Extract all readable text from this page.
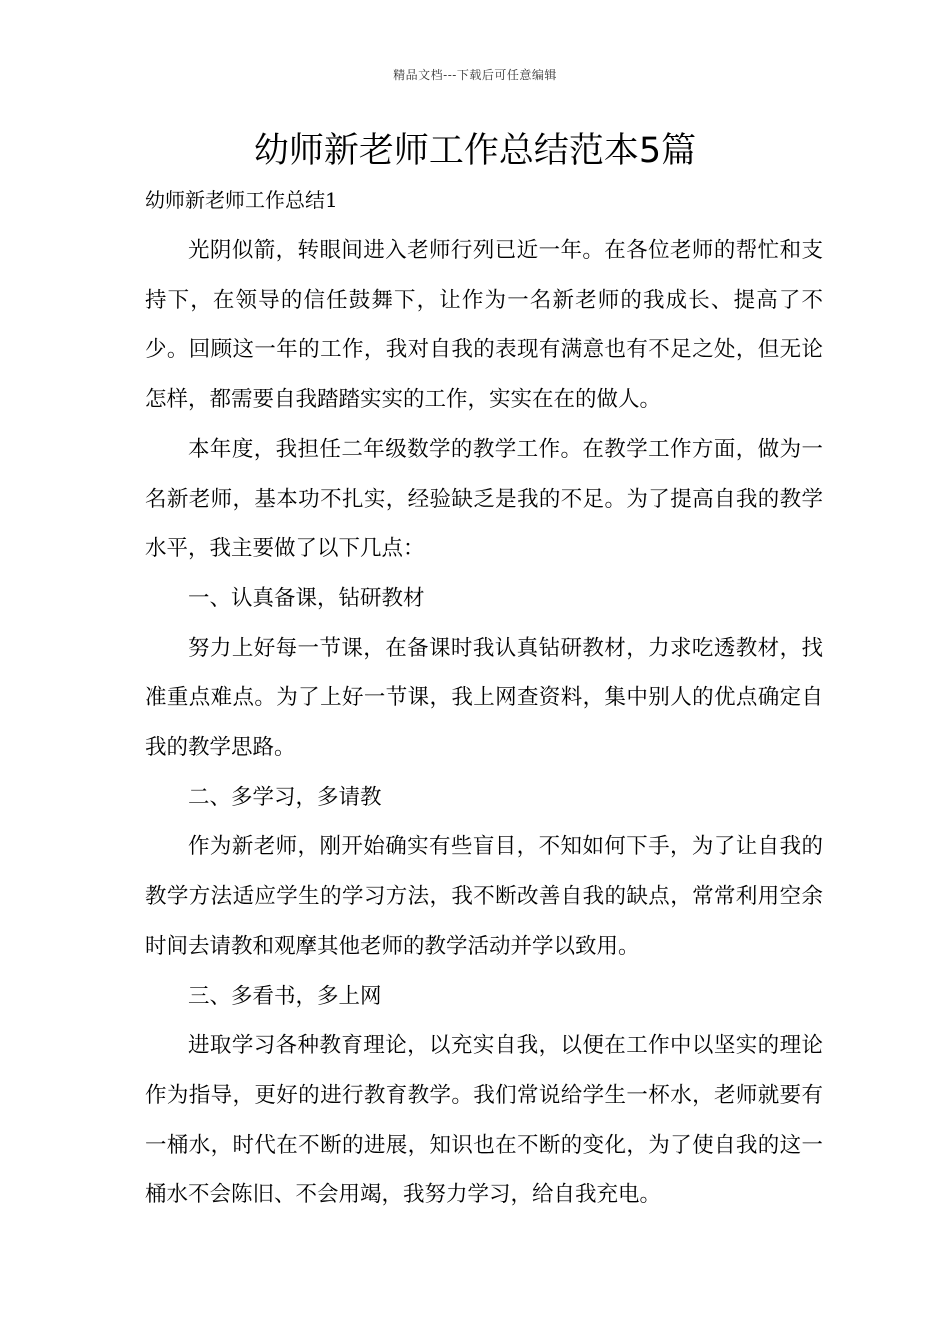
精品文档---下载后可任意编辑
幼师新老师工作总结范本5篇
幼师新老师工作总结1

光阴似箭，转眼间进入老师行列已近一年。在各位老师的帮忙和支持下，在领导的信任鼓舞下，让作为一名新老师的我成长、提高了不少。回顾这一年的工作，我对自我的表现有满意也有不足之处，但无论怎样，都需要自我踏踏实实的工作，实实在在的做人。

本年度，我担任二年级数学的教学工作。在教学工作方面，做为一名新老师，基本功不扎实，经验缺乏是我的不足。为了提高自我的教学水平，我主要做了以下几点：

一、认真备课，钻研教材

努力上好每一节课，在备课时我认真钻研教材，力求吃透教材，找准重点难点。为了上好一节课，我上网查资料，集中别人的优点确定自我的教学思路。

二、多学习，多请教

作为新老师，刚开始确实有些盲目，不知如何下手，为了让自我的教学方法适应学生的学习方法，我不断改善自我的缺点，常常利用空余时间去请教和观摩其他老师的教学活动并学以致用。

三、多看书，多上网

进取学习各种教育理论，以充实自我，以便在工作中以坚实的理论作为指导，更好的进行教育教学。我们常说给学生一杯水，老师就要有一桶水，时代在不断的进展，知识也在不断的变化，为了使自我的这一桶水不会陈旧、不会用竭，我努力学习，给自我充电。
